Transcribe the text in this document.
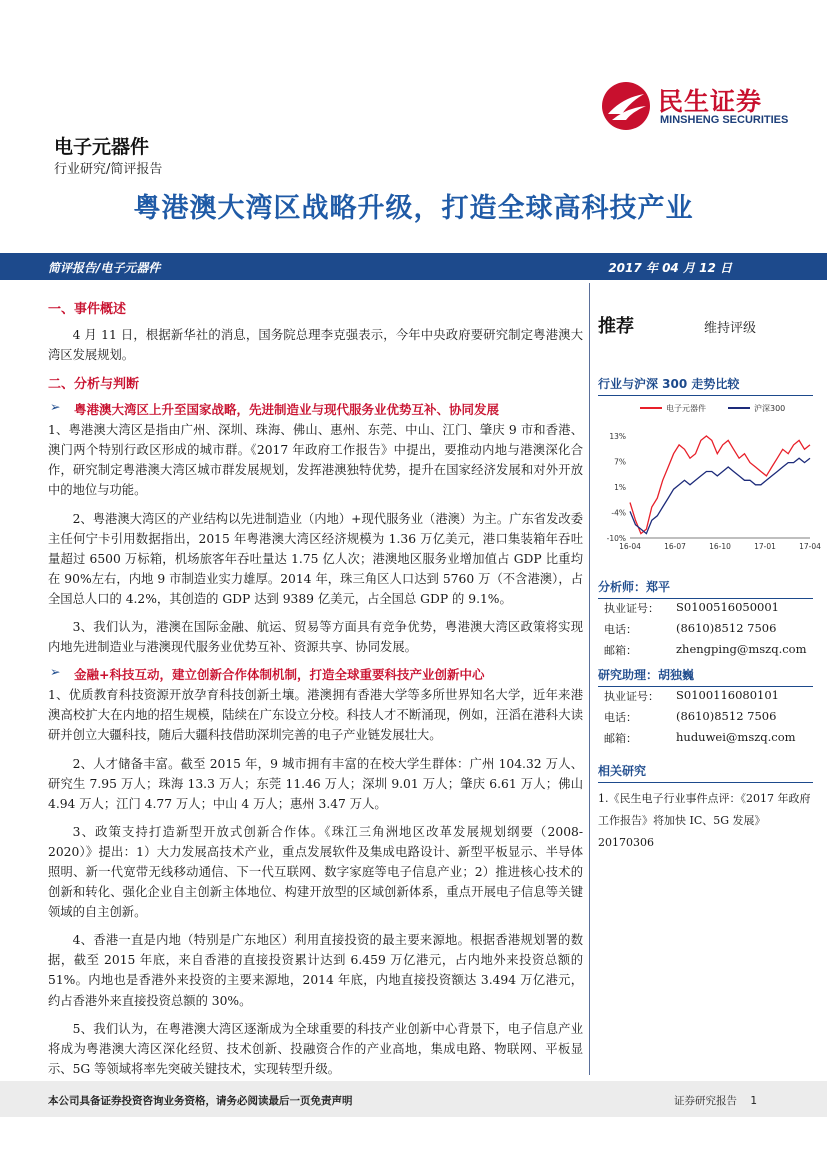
民生证券
MINSHENG SECURITIES
电子元器件
行业研究/简评报告
粤港澳大湾区战略升级，打造全球高科技产业
简评报告/电子元器件	2017 年 04 月 12 日
一、事件概述

4 月 11 日，根据新华社的消息，国务院总理李克强表示，今年中央政府要研究制定粤港澳大湾区发展规划。

二、分析与判断
➢ 粤港澳大湾区上升至国家战略，先进制造业与现代服务业优势互补、协同发展

1、粤港澳大湾区是指由广州、深圳、珠海、佛山、惠州、东莞、中山、江门、肇庆 9 市和香港、澳门两个特别行政区形成的城市群。《2017 年政府工作报告》中提出，要推动内地与港澳深化合作，研究制定粤港澳大湾区城市群发展规划，发挥港澳独特优势，提升在国家经济发展和对外开放中的地位与功能。

2、粤港澳大湾区的产业结构以先进制造业（内地）+现代服务业（港澳）为主。广东省发改委主任何宁卡引用数据指出，2015 年粤港澳大湾区经济规模为 1.36 万亿美元，港口集装箱年吞吐量超过 6500 万标箱，机场旅客年吞吐量达 1.75 亿人次；港澳地区服务业增加值占 GDP 比重均在 90%左右，内地 9 市制造业实力雄厚。2014 年，珠三角区人口达到 5760 万（不含港澳），占全国总人口的 4.2%，其创造的 GDP 达到 9389 亿美元，占全国总 GDP 的 9.1%。

3、我们认为，港澳在国际金融、航运、贸易等方面具有竞争优势，粤港澳大湾区政策将实现内地先进制造业与港澳现代服务业优势互补、资源共享、协同发展。

➢ 金融+科技互动，建立创新合作体制机制，打造全球重要科技产业创新中心

1、优质教育科技资源开放孕育科技创新土壤。港澳拥有香港大学等多所世界知名大学，近年来港澳高校扩大在内地的招生规模，陆续在广东设立分校。科技人才不断涌现，例如，汪滔在港科大读研并创立大疆科技，随后大疆科技借助深圳完善的电子产业链发展壮大。

2、人才储备丰富。截至 2015 年，9 城市拥有丰富的在校大学生群体：广州 104.32 万人、研究生 7.95 万人；珠海 13.3 万人；东莞 11.46 万人；深圳 9.01 万人；肇庆 6.61 万人；佛山 4.94 万人；江门 4.77 万人；中山 4 万人；惠州 3.47 万人。

3、政策支持打造新型开放式创新合作体。《珠江三角洲地区改革发展规划纲要（2008-2020）》提出：1）大力发展高技术产业，重点发展软件及集成电路设计、新型平板显示、半导体照明、新一代宽带无线移动通信、下一代互联网、数字家庭等电子信息产业；2）推进核心技术的创新和转化、强化企业自主创新主体地位、构建开放型的区域创新体系，重点开展电子信息等关键领域的自主创新。

4、香港一直是内地（特别是广东地区）利用直接投资的最主要来源地。根据香港规划署的数据，截至 2015 年底，来自香港的直接投资累计达到 6.459 万亿港元，占内地外来投资总额的 51%。内地也是香港外来投资的主要来源地，2014 年底，内地直接投资额达 3.494 万亿港元，约占香港外来直接投资总额的 30%。

5、我们认为，在粤港澳大湾区逐渐成为全球重要的科技产业创新中心背景下，电子信息产业将成为粤港澳大湾区深化经贸、技术创新、投融资合作的产业高地，集成电路、物联网、平板显示、5G 等领域将率先突破关键技术，实现转型升级。

推荐	维持评级
行业与沪深 300 走势比较
电子元器件	沪深300
13%
7%
1%
-4%
-10%
16-04	16-07	16-10	17-01	17-04
分析师：郑平
执业证号： S0100516050001
电话：	(8610)8512 7506
邮箱：	zhengping@mszq.com
研究助理：胡独巍
执业证号： S0100116080101
电话：	(8610)8512 7506
邮箱：	huduwei@mszq.com
相关研究
1.《民生电子行业事件点评：《2017 年政府工作报告》将加快 IC、5G 发展》20170306
本公司具备证券投资咨询业务资格，请务必阅读最后一页免责声明	证券研究报告 1
